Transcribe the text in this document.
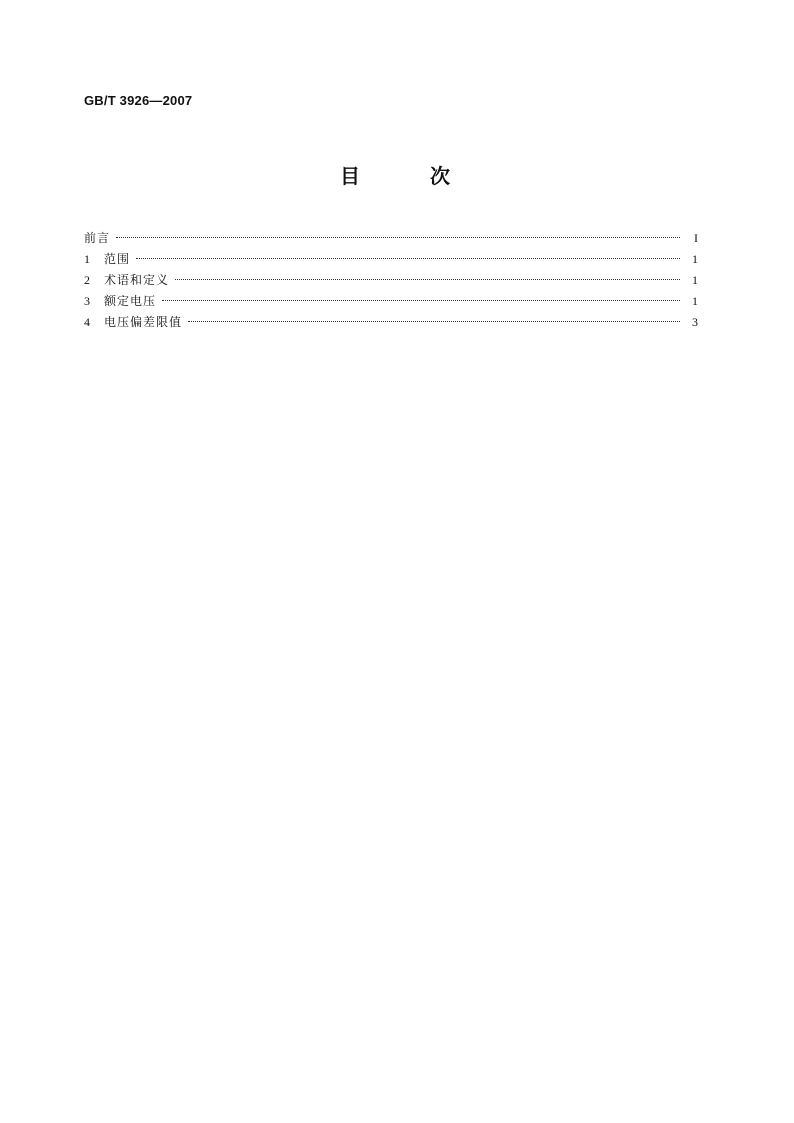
GB/T 3926—2007
目	次
前言	I
1	范围	1
2	术语和定义	1
3	额定电压	1
4	电压偏差限值	3
